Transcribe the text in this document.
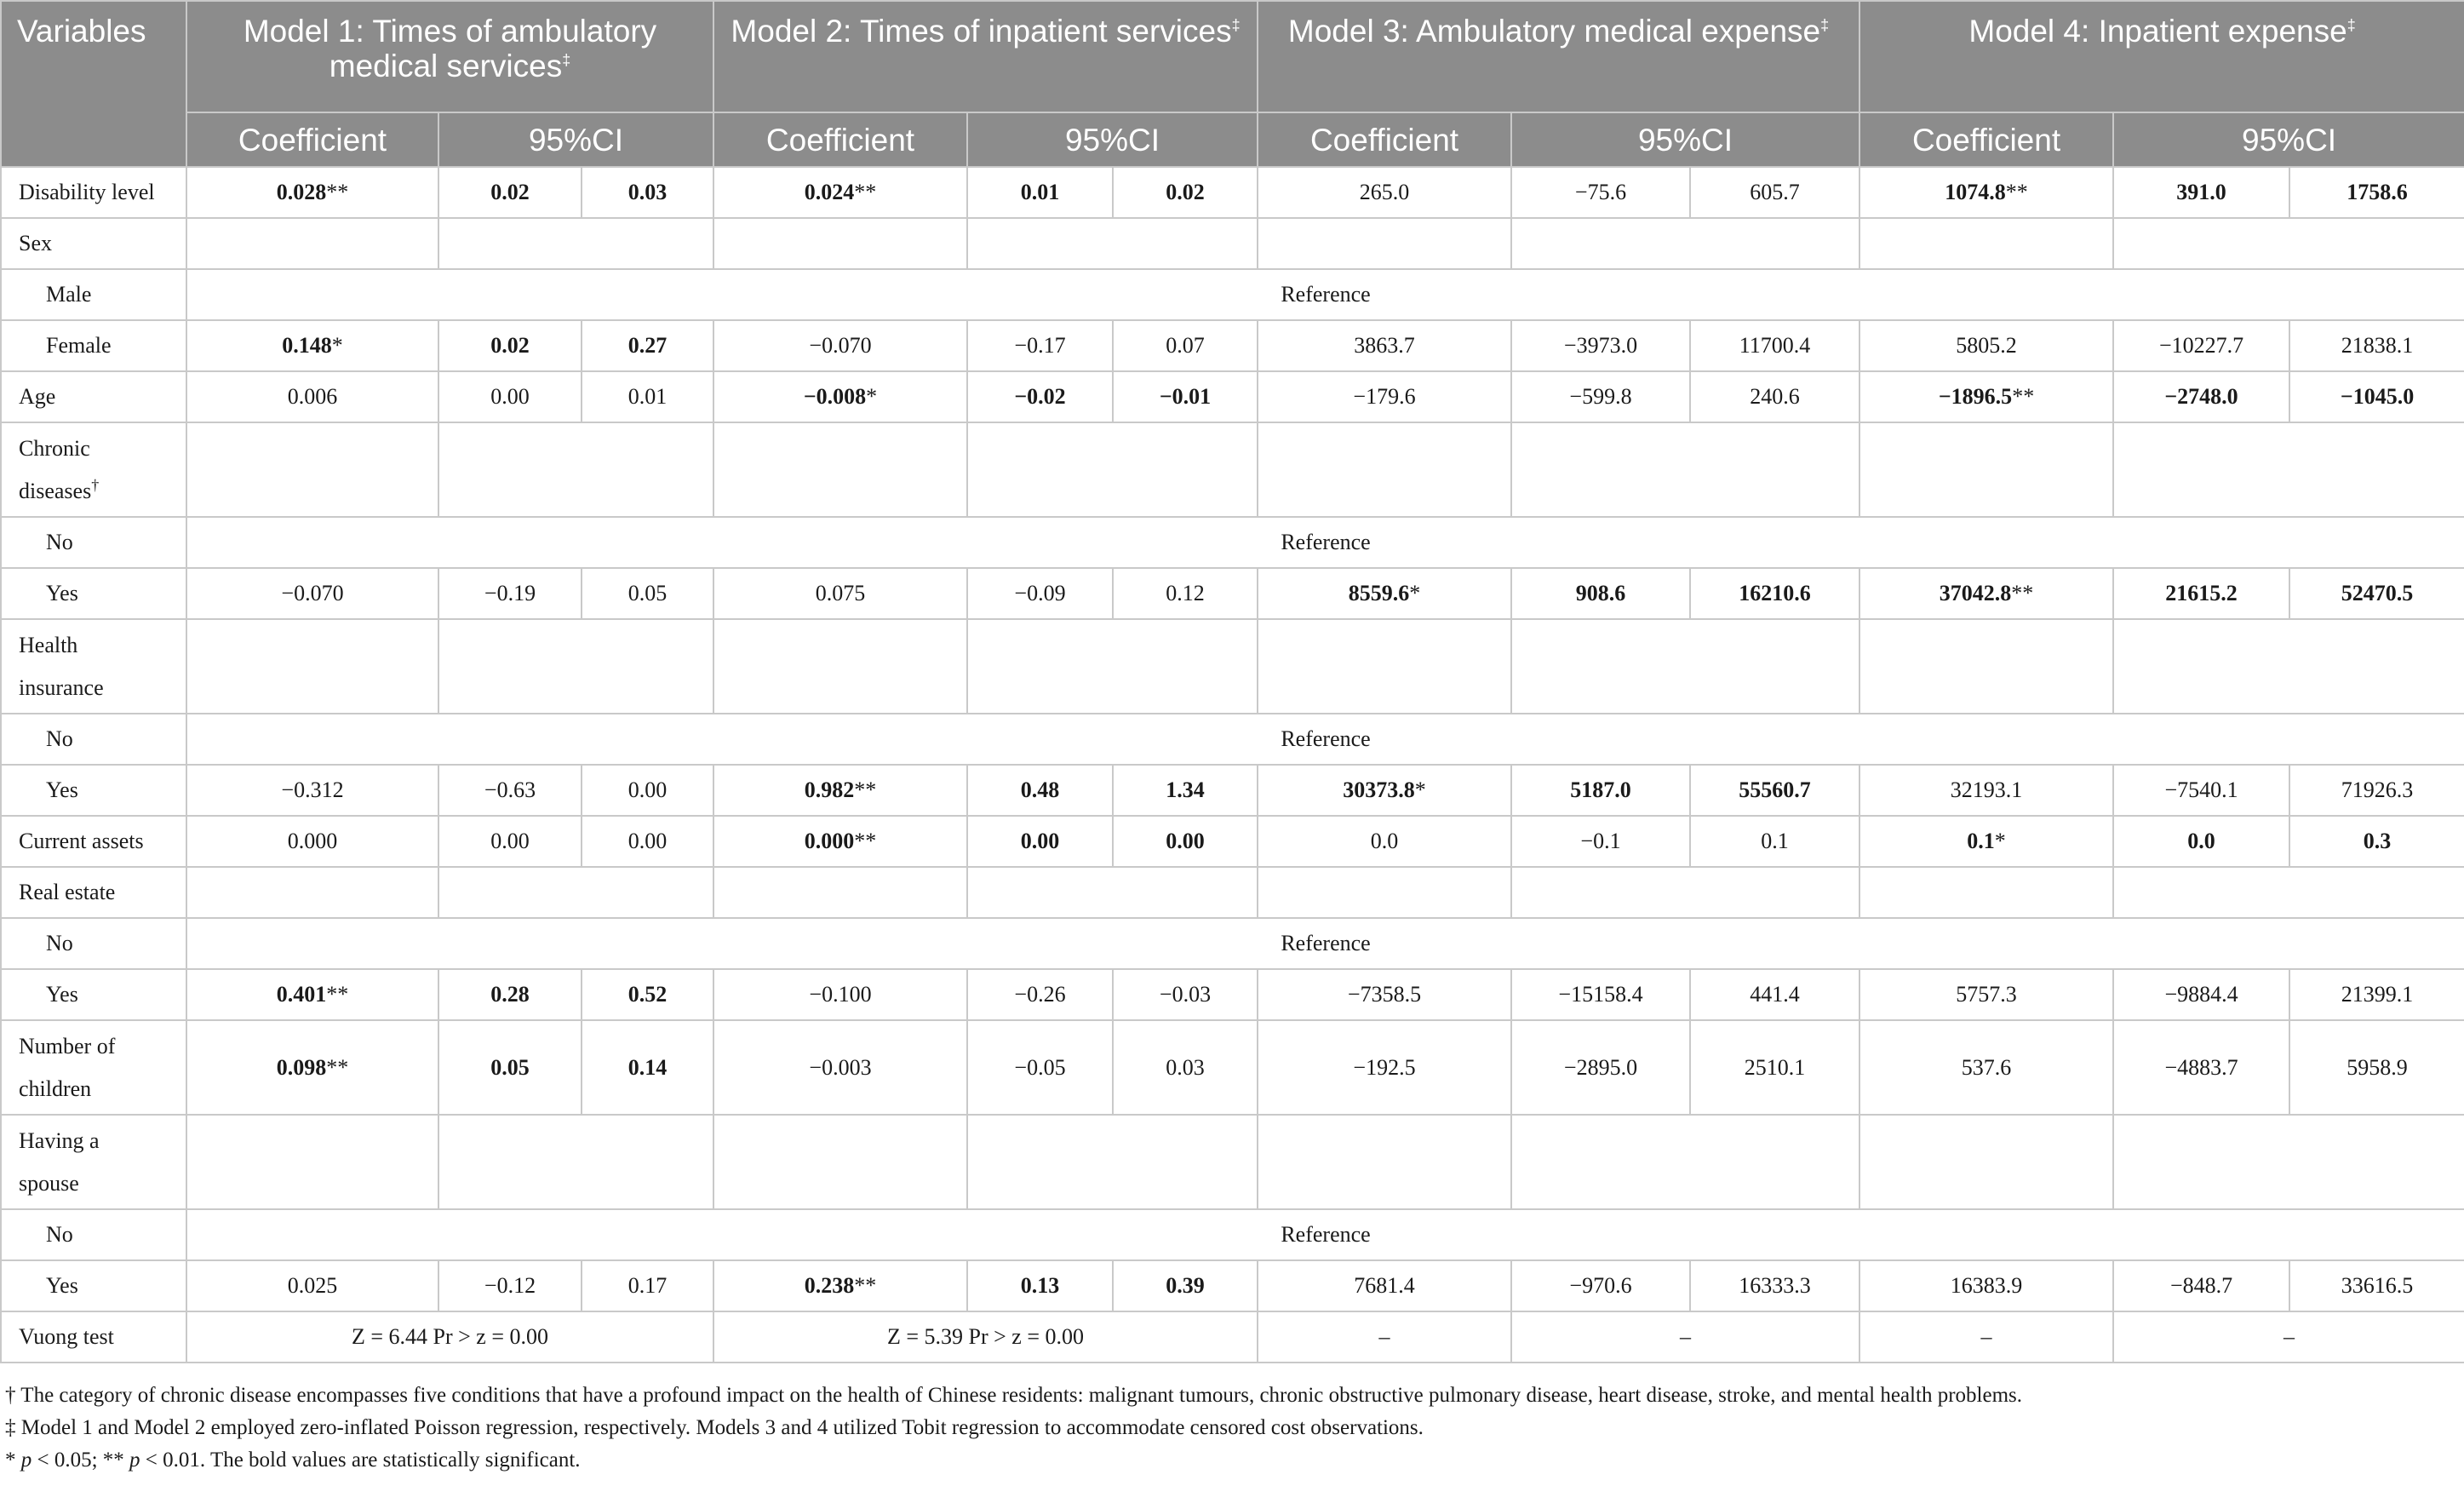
Variables	Model 1: Times of ambulatory medical services‡			Model 2: Times of inpatient services‡			Model 3: Ambulatory medical expense‡			Model 4: Inpatient expense‡
	Coefficient	95%CI		Coefficient	95%CI		Coefficient	95%CI		Coefficient	95%CI	
Disability level	0.028**	0.02	0.03	0.024**	0.01	0.02	265.0	−75.6	605.7	1074.8**	391.0	1758.6
Sex												
Male	Reference											
Female	0.148*	0.02	0.27	−0.070	−0.17	0.07	3863.7	−3973.0	11700.4	5805.2	−10227.7	21838.1
Age	0.006	0.00	0.01	−0.008*	−0.02	−0.01	−179.6	−599.8	240.6	−1896.5**	−2748.0	−1045.0
Chronic
diseases†								
No	Reference											
Yes	−0.070	−0.19	0.05	0.075	−0.09	0.12	8559.6*	908.6	16210.6	37042.8**	21615.2	52470.5
Health
insurance												
No	Reference											
Yes	−0.312	−0.63	0.00	0.982**	0.48	1.34	30373.8*	5187.0	55560.7	32193.1	−7540.1	71926.3
Current assets	0.000	0.00	0.00	0.000**	0.00	0.00	0.0	−0.1	0.1	0.1*	0.0	0.3
Real estate												
No	Reference											
Yes	0.401**	0.28	0.52	−0.100	−0.26	−0.03	−7358.5	−15158.4	441.4	5757.3	−9884.4	21399.1
Number of
children	0.098**	0.05	0.14	−0.003	−0.05	0.03	−192.5	−2895.0	2510.1	537.6	−4883.7	5958.9
Having a
spouse												
No	Reference											
Yes	0.025	−0.12	0.17	0.238**	0.13	0.39	7681.4	−970.6	16333.3	16383.9	−848.7	33616.5
Vuong test	Z = 6.44 Pr > z = 0.00			Z = 5.39 Pr > z = 0.00			–	–		–	–	
† The category of chronic disease encompasses five conditions that have a profound impact on the health of Chinese residents: malignant tumours, chronic obstructive pulmonary disease, heart disease, stroke, and mental health problems.
‡ Model 1 and Model 2 employed zero-inflated Poisson regression, respectively. Models 3 and 4 utilized Tobit regression to accommodate censored cost observations.
* p < 0.05; ** p < 0.01. The bold values are statistically significant.
